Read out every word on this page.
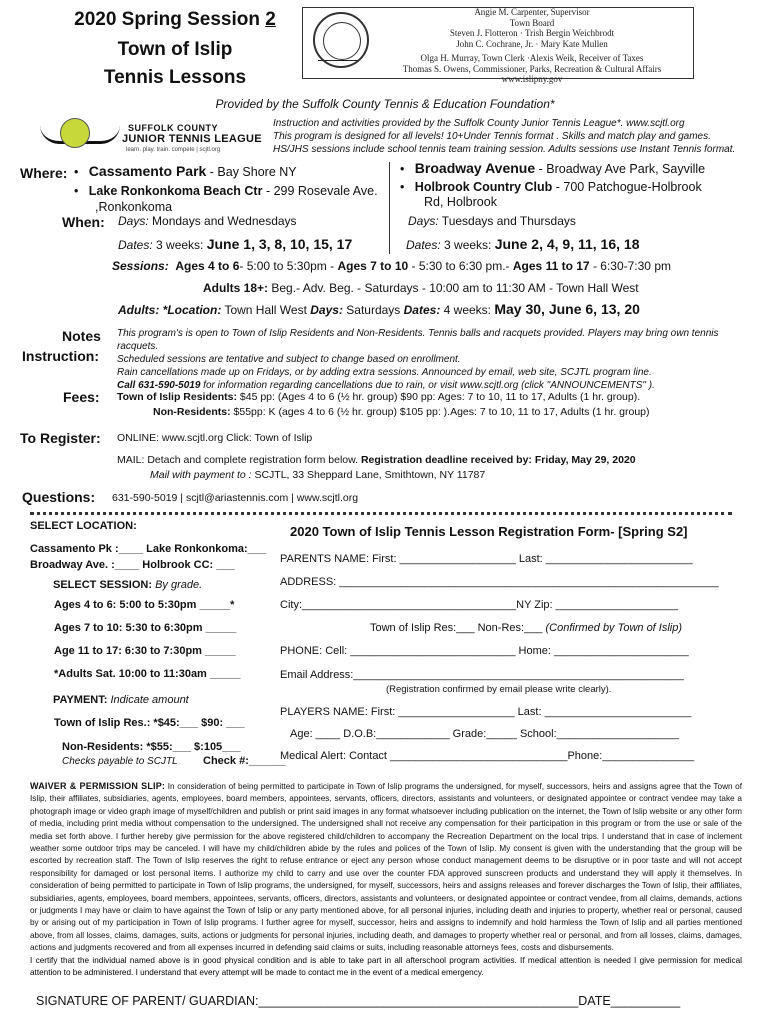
2020 Spring Session 2
Town of Islip
Tennis Lessons
Angie M. Carpenter, Supervisor
Town Board
Steven J. Flotteron · Trish Bergin Weichbrodt
John C. Cochrane, Jr. · Mary Kate Mullen
Olga H. Murray, Town Clerk ·Alexis Weik, Receiver of Taxes
Thomas S. Owens, Commissioner, Parks, Recreation & Cultural Affairs www.islipny.gov
Provided by the Suffolk County Tennis & Education Foundation*
SUFFOLK COUNTY
JUNIOR TENNIS LEAGUE
learn. play. train. compete | scjtl.org
Instruction and activities provided by the Suffolk County Junior Tennis League*. www.scjtl.org
This program is designed for all levels! 10+Under Tennis format . Skills and match play and games.
HS/JHS sessions include school tennis team training session. Adults sessions use Instant Tennis format.
Where: •   Cassamento Park - Bay Shore NY
•   Lake Ronkonkoma Beach Ctr - 299 Rosevale Ave.
,Ronkonkoma
•   Broadway Avenue - Broadway Ave Park, Sayville
•   Holbrook Country Club - 700 Patchogue-Holbrook
Rd, Holbrook
When: Days: Mondays and Wednesdays	Days: Tuesdays and Thursdays
Dates: 3 weeks: June 1, 3, 8, 10, 15, 17	Dates: 3 weeks: June 2, 4, 9, 11, 16, 18
Sessions: Ages 4 to 6- 5:00 to 5:30pm - Ages 7 to 10 - 5:30 to 6:30 pm.- Ages 11 to 17 - 6:30-7:30 pm
Adults 18+: Beg.- Adv. Beg. - Saturdays - 10:00 am to 11:30 AM - Town Hall West
Adults: *Location: Town Hall West Days: Saturdays Dates: 4 weeks: May 30, June 6, 13, 20
Notes
Instruction:
This program's is open to Town of Islip Residents and Non-Residents. Tennis balls and racquets provided. Players may bring own tennis racquets.
Scheduled sessions are tentative and subject to change based on enrollment.
Rain cancellations made up on Fridays, or by adding extra sessions. Announced by email, web site, SCJTL program line.
Call 631-590-5019 for information regarding cancellations due to rain, or visit www.scjtl.org (click "ANNOUNCEMENTS" ).
Fees: Town of Islip Residents: $45 pp: (Ages 4 to 6 (½ hr. group) $90 pp: Ages: 7 to 10, 11 to 17, Adults (1 hr. group).
Non-Residents: $55pp: K (ages 4 to 6 (½ hr. group) $105 pp: ).Ages: 7 to 10, 11 to 17, Adults (1 hr. group)
To Register: ONLINE: www.scjtl.org Click: Town of Islip
MAIL: Detach and complete registration form below. Registration deadline received by: Friday, May 29, 2020
Mail with payment to : SCJTL, 33 Sheppard Lane, Smithtown, NY 11787
Questions: 631-590-5019 | scjtl@ariastennis.com | www.scjtl.org
SELECT LOCATION:
Cassamento Pk :____ Lake Ronkonkoma:___
Broadway Ave. :____ Holbrook CC: ___
SELECT SESSION: By grade.
Ages 4 to 6: 5:00 to 5:30pm _____*
Ages 7 to 10: 5:30 to 6:30pm _____
Age 11 to 17: 6:30 to 7:30pm _____
*Adults Sat. 10:00 to 11:30am _____
PAYMENT: Indicate amount
Town of Islip Res.: *$45:___ $90: ___
Non-Residents: *$55:___ $:105___
Checks payable to SCJTL Check #:______
2020 Town of Islip Tennis Lesson Registration Form- [Spring S2]
PARENTS NAME: First: ___________________ Last: ________________________
ADDRESS: ______________________________________________________________
City:___________________________________NY Zip: ____________________
Town of Islip Res:___ Non-Res:___ (Confirmed by Town of Islip)
PHONE: Cell: ___________________________ Home: ______________________
Email Address:______________________________________________________
(Registration confirmed by email please write clearly).
PLAYERS NAME: First: ___________________ Last: ________________________
Age: ____ D.O.B:____________ Grade:_____ School:____________________
Medical Alert: Contact _____________________________Phone:_______________
WAIVER & PERMISSION SLIP: In consideration of being permitted to participate in Town of Islip programs the undersigned, for myself, successors, heirs and assigns agree that the Town of Islip, their affiliates, subsidiaries, agents, employees, board members, appointees, servants, officers, directors, assistants and volunteers, or designated appointee or contract vendee may take a photograph image or video graph image of myself/children and publish or print said images in any format whatsoever including publication on the internet, the Town of Islip website or any other form of media, including print media without compensation to the undersigned. The undersigned shall not receive any compensation for their participation in this program or from the use or sale of the media set forth above. I further hereby give permission for the above registered child/children to accompany the Recreation Department on the local trips. I understand that in case of inclement weather some outdoor trips may be canceled. I will have my child/children abide by the rules and polices of the Town of Islip. My consent is given with the understanding that the group will be escorted by recreation staff. The Town of Islip reserves the right to refuse entrance or eject any person whose conduct management deems to be disruptive or in poor taste and will not accept responsibility for damaged or lost personal items. I authorize my child to carry and use over the counter FDA approved sunscreen products and understand they will apply it themselves. In consideration of being permitted to participate in Town of Islip programs, the undersigned, for myself, successors, heirs and assigns releases and forever discharges the Town of Islip, their affiliates, subsidiaries, agents, employees, board members, appointees, servants, officers, directors, assistants and volunteers, or designated appointee or contract vendee, from all claims, demands, actions or judgments I may have or claim to have against the Town of Islip or any party mentioned above, for all personal injuries, including death and injuries to property, whether real or personal, caused by or arising out of my participation in Town of Islip programs. I further agree for myself, successor, heirs and assigns to indemnify and hold harmless the Town of Islip and all parties mentioned above, from all losses, claims, damages, suits, actions or judgments for personal injuries, including death, and damages to property whether real or personal, and from all losses, claims, damages, actions and judgments recovered and from all expenses incurred in defending said claims or suits, including reasonable attorneys fees, costs and disbursements.
I certify that the individual named above is in good physical condition and is able to take part in all afterschool program activities. If medical attention is needed I give permission for medical attention to be administered. I understand that every attempt will be made to contact me in the event of a medical emergency.
SIGNATURE OF PARENT/ GUARDIAN:______________________________________________DATE__________
